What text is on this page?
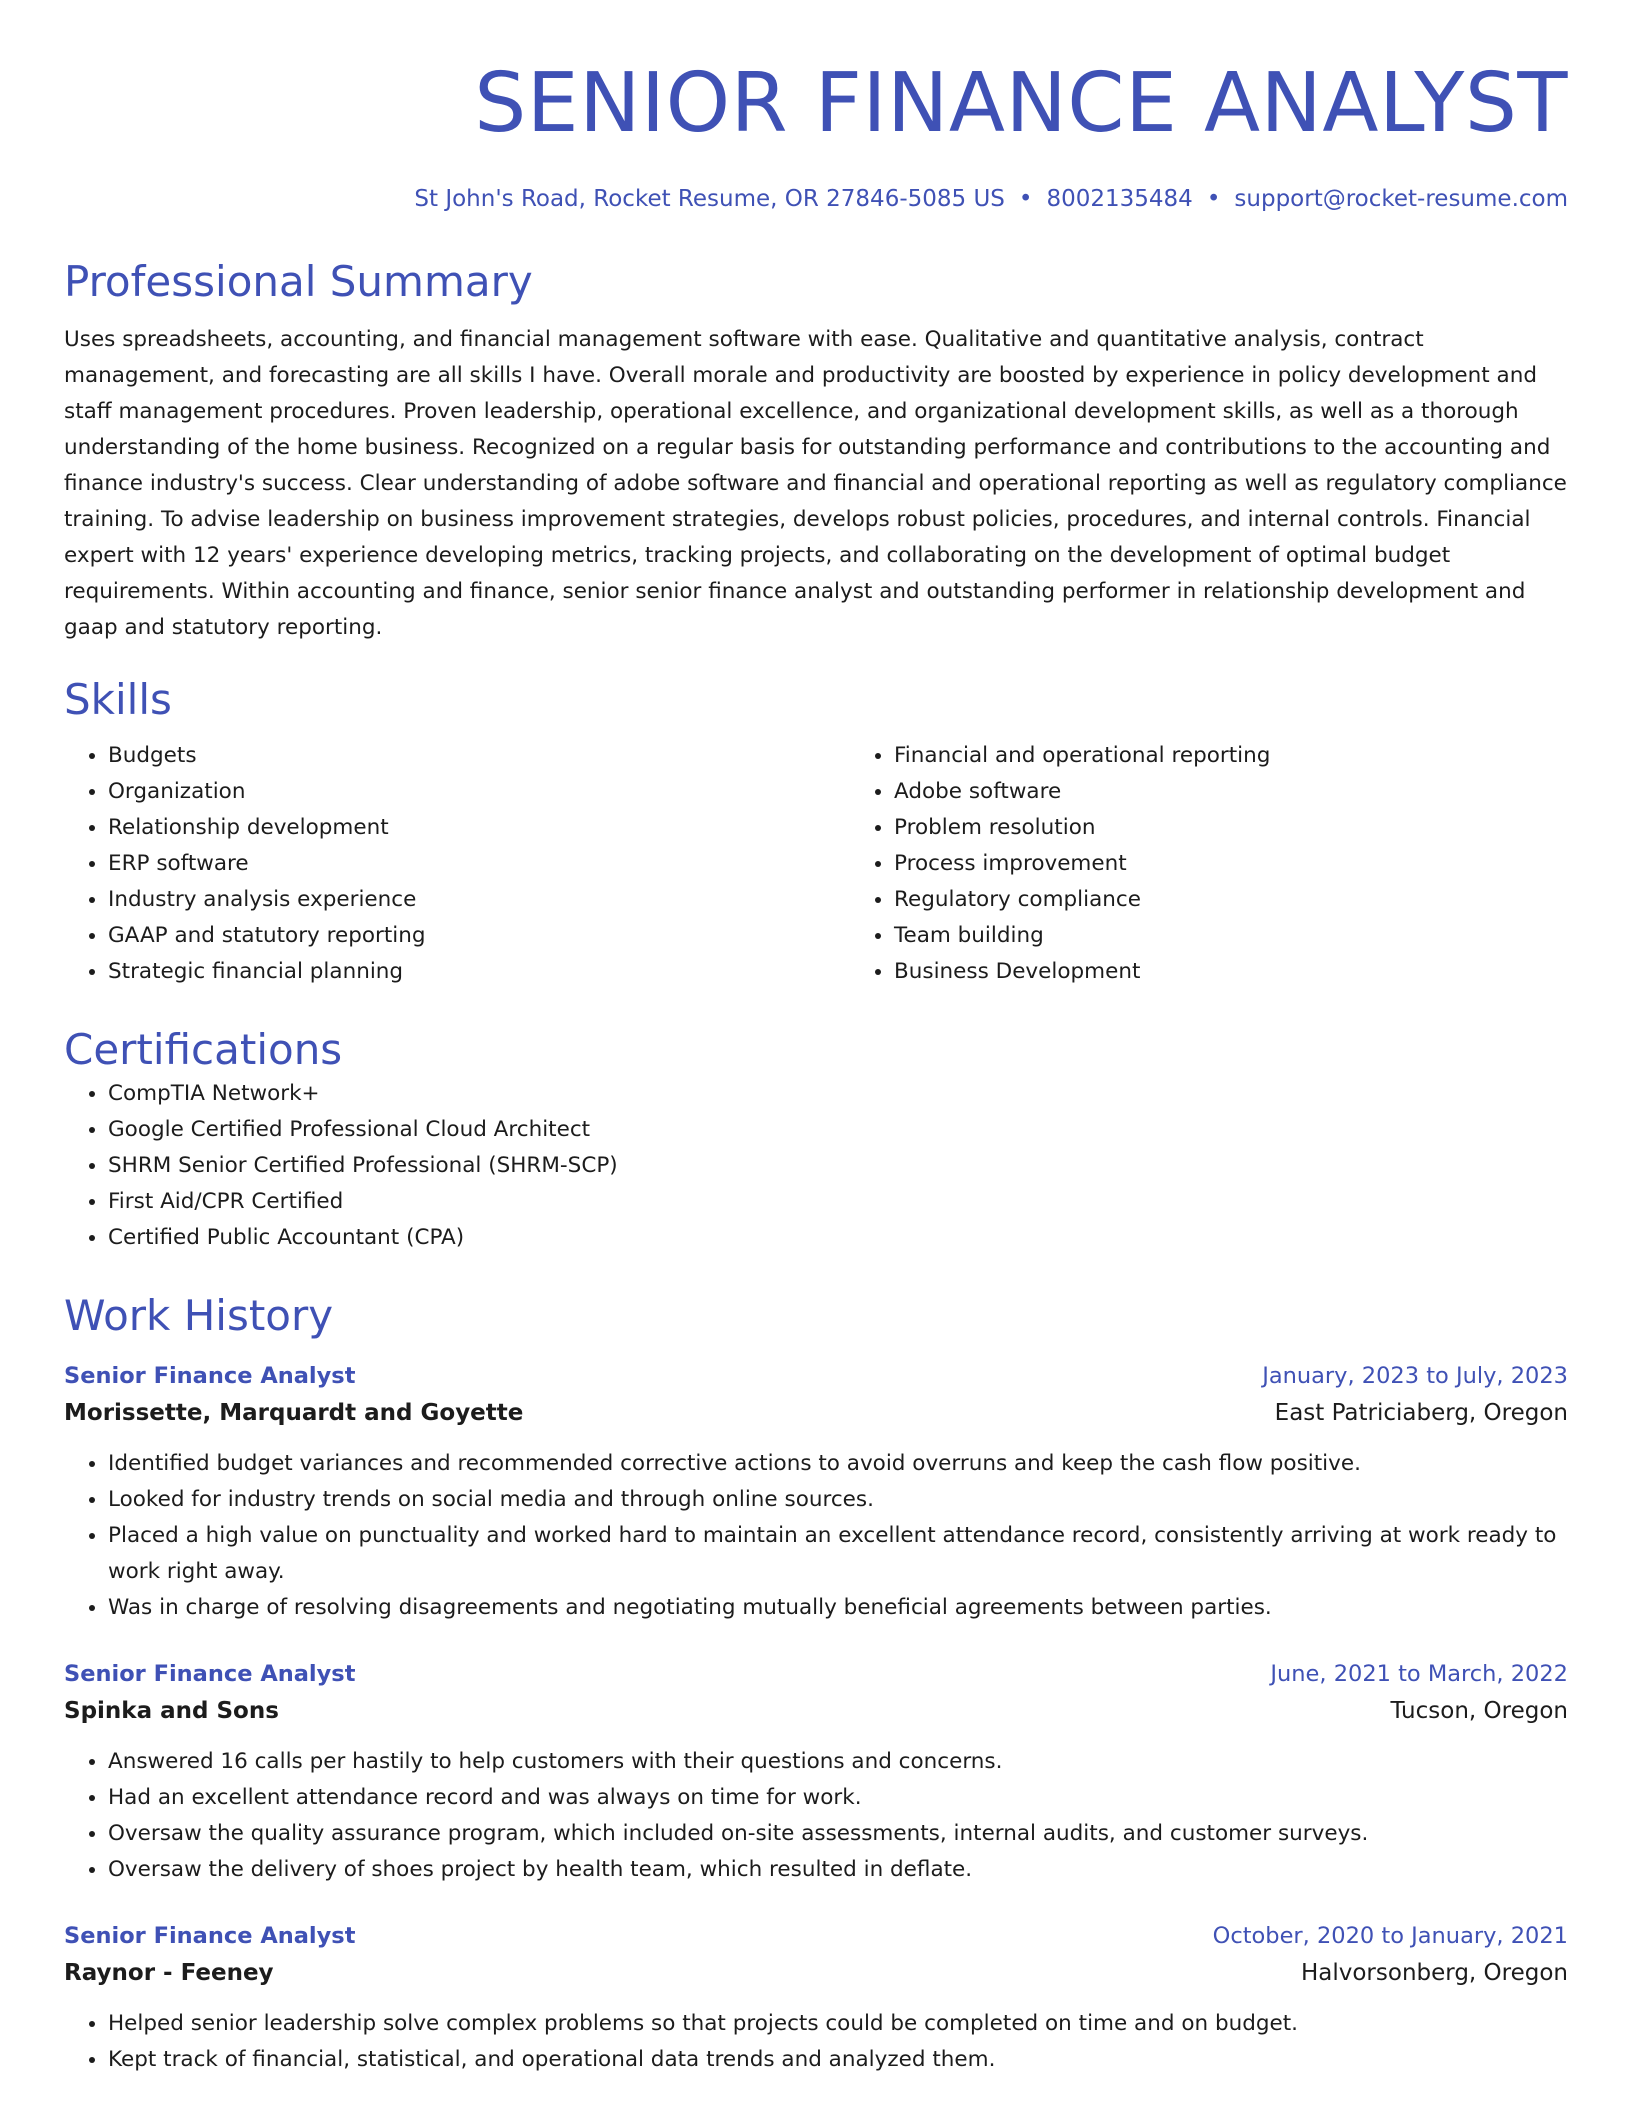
SENIOR FINANCE ANALYST
St John's Road, Rocket Resume, OR 27846-5085 US • 8002135484 • support@rocket-resume.com
Professional Summary

Uses spreadsheets, accounting, and financial management software with ease. Qualitative and quantitative analysis, contract management, and forecasting are all skills I have. Overall morale and productivity are boosted by experience in policy development and staff management procedures. Proven leadership, operational excellence, and organizational development skills, as well as a thorough understanding of the home business. Recognized on a regular basis for outstanding performance and contributions to the accounting and finance industry's success. Clear understanding of adobe software and financial and operational reporting as well as regulatory compliance training. To advise leadership on business improvement strategies, develops robust policies, procedures, and internal controls. Financial expert with 12 years' experience developing metrics, tracking projects, and collaborating on the development of optimal budget requirements. Within accounting and finance, senior senior finance analyst and outstanding performer in relationship development and gaap and statutory reporting.

Skills
• Budgets
• Organization
• Relationship development
• ERP software
• Industry analysis experience
• GAAP and statutory reporting
• Strategic financial planning
• Financial and operational reporting
• Adobe software
• Problem resolution
• Process improvement
• Regulatory compliance
• Team building
• Business Development
Certifications
• CompTIA Network+
• Google Certified Professional Cloud Architect
• SHRM Senior Certified Professional (SHRM-SCP)
• First Aid/CPR Certified
• Certified Public Accountant (CPA)
Work History
Senior Finance Analyst	January, 2023 to July, 2023
Morissette, Marquardt and Goyette	East Patriciaberg, Oregon
• Identified budget variances and recommended corrective actions to avoid overruns and keep the cash flow positive.
• Looked for industry trends on social media and through online sources.
• Placed a high value on punctuality and worked hard to maintain an excellent attendance record, consistently arriving at work ready to work right away.
• Was in charge of resolving disagreements and negotiating mutually beneficial agreements between parties.
Senior Finance Analyst	June, 2021 to March, 2022
Spinka and Sons	Tucson, Oregon
• Answered 16 calls per hastily to help customers with their questions and concerns.
• Had an excellent attendance record and was always on time for work.
• Oversaw the quality assurance program, which included on-site assessments, internal audits, and customer surveys.
• Oversaw the delivery of shoes project by health team, which resulted in deflate.
Senior Finance Analyst	October, 2020 to January, 2021
Raynor - Feeney	Halvorsonberg, Oregon
• Helped senior leadership solve complex problems so that projects could be completed on time and on budget.
• Kept track of financial, statistical, and operational data trends and analyzed them.
